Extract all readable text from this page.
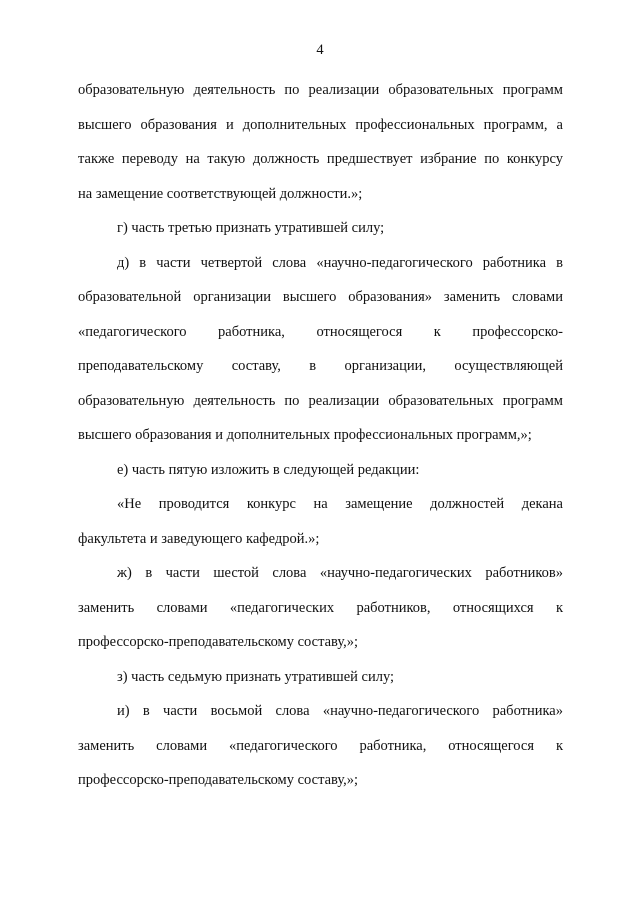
4
образовательную деятельность по реализации образовательных программ
высшего образования и дополнительных профессиональных программ, а
также переводу на такую должность предшествует избрание по конкурсу
на замещение соответствующей должности.»;
г) часть третью признать утратившей силу;
д) в части четвертой слова «научно-педагогического работника в
образовательной организации высшего образования» заменить словами
«педагогического работника, относящегося к профессорско-
преподавательскому составу, в организации, осуществляющей
образовательную деятельность по реализации образовательных программ
высшего образования и дополнительных профессиональных программ,»;
е) часть пятую изложить в следующей редакции:
«Не проводится конкурс на замещение должностей декана
факультета и заведующего кафедрой.»;
ж) в части шестой слова «научно-педагогических работников»
заменить словами «педагогических работников, относящихся к
профессорско-преподавательскому составу,»;
з) часть седьмую признать утратившей силу;
и) в части восьмой слова «научно-педагогического работника»
заменить словами «педагогического работника, относящегося к
профессорско-преподавательскому составу,»;
